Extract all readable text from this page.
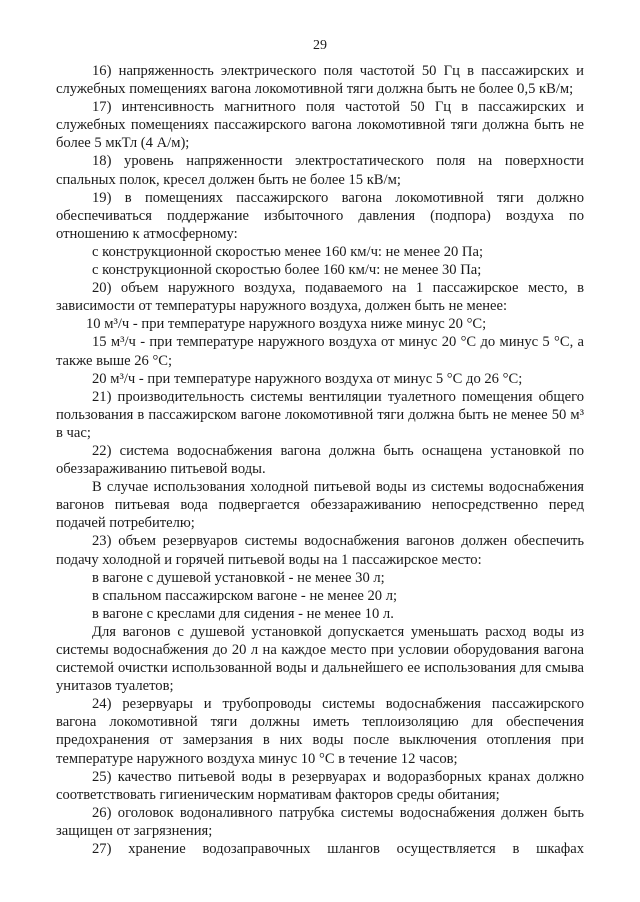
29

16) напряженность электрического поля частотой 50 Гц в пассажирских и служебных помещениях вагона локомотивной тяги должна быть не более 0,5 кВ/м;

17) интенсивность магнитного поля частотой 50 Гц в пассажирских и служебных помещениях пассажирского вагона локомотивной тяги должна быть не более 5 мкТл (4 А/м);

18) уровень напряженности электростатического поля на поверхности спальных полок, кресел должен быть не более 15 кВ/м;

19) в помещениях пассажирского вагона локомотивной тяги должно обеспечиваться поддержание избыточного давления (подпора) воздуха по отношению к атмосферному:

с конструкционной скоростью менее 160 км/ч: не менее 20 Па;

с конструкционной скоростью более 160 км/ч: не менее 30 Па;

20) объем наружного воздуха, подаваемого на 1 пассажирское место, в зависимости от температуры наружного воздуха, должен быть не менее:

10 м³/ч - при температуре наружного воздуха ниже минус 20 °С;

15 м³/ч - при температуре наружного воздуха от минус 20 °С до минус 5 °С, а также выше 26 °С;

20 м³/ч - при температуре наружного воздуха от минус 5 °С до 26 °С;

21) производительность системы вентиляции туалетного помещения общего пользования в пассажирском вагоне локомотивной тяги должна быть не менее 50 м³ в час;

22) система водоснабжения вагона должна быть оснащена установкой по обеззараживанию питьевой воды.

В случае использования холодной питьевой воды из системы водоснабжения вагонов питьевая вода подвергается обеззараживанию непосредственно перед подачей потребителю;

23) объем резервуаров системы водоснабжения вагонов должен обеспечить подачу холодной и горячей питьевой воды на 1 пассажирское место:

в вагоне с душевой установкой - не менее 30 л;

в спальном пассажирском вагоне - не менее 20 л;

в вагоне с креслами для сидения - не менее 10 л.

Для вагонов с душевой установкой допускается уменьшать расход воды из системы водоснабжения до 20 л на каждое место при условии оборудования вагона системой очистки использованной воды и дальнейшего ее использования для смыва унитазов туалетов;

24) резервуары и трубопроводы системы водоснабжения пассажирского вагона локомотивной тяги должны иметь теплоизоляцию для обеспечения предохранения от замерзания в них воды после выключения отопления при температуре наружного воздуха минус 10 °С в течение 12 часов;

25) качество питьевой воды в резервуарах и водоразборных кранах должно соответствовать гигиеническим нормативам факторов среды обитания;

26) оголовок водоналивного патрубка системы водоснабжения должен быть защищен от загрязнения;

27) хранение водозаправочных шлангов осуществляется в шкафах
